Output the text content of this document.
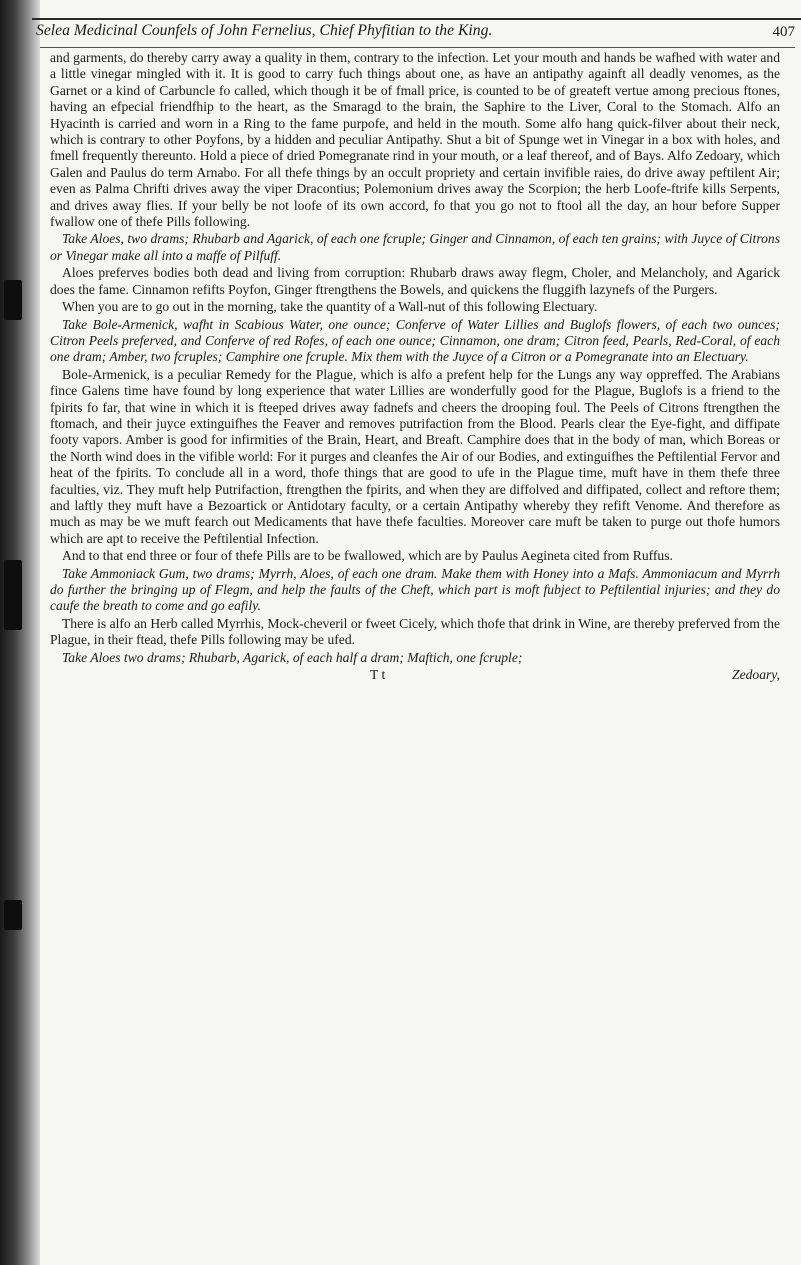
Selea Medicinal Counfels of John Fernelius, Chief Phyfitian to the King.	407

and garments, do thereby carry away a quality in them, contrary to the infection. Let your mouth and hands be wafhed with water and a little vinegar mingled with it. It is good to carry fuch things about one, as have an antipathy againft all deadly venomes, as the Garnet or a kind of Carbuncle fo called, which though it be of fmall price, is counted to be of greateft vertue among precious ftones, having an efpecial friendfhip to the heart, as the Smaragd to the brain, the Saphire to the Liver, Coral to the Stomach. Alfo an Hyacinth is carried and worn in a Ring to the fame purpofe, and held in the mouth. Some alfo hang quick-filver about their neck, which is contrary to other Poyfons, by a hidden and peculiar Antipathy. Shut a bit of Spunge wet in Vinegar in a box with holes, and fmell frequently thereunto. Hold a piece of dried Pomegranate rind in your mouth, or a leaf thereof, and of Bays. Alfo Zedoary, which Galen and Paulus do term Arnabo. For all thefe things by an occult propriety and certain invifible raies, do drive away peftilent Air; even as Palma Chrifti drives away the viper Dracontius; Polemonium drives away the Scorpion; the herb Loofe-ftrife kills Serpents, and drives away flies. If your belly be not loofe of its own accord, fo that you go not to ftool all the day, an hour before Supper fwallow one of thefe Pills following.

Take Aloes, two drams; Rhubarb and Agarick, of each one fcruple; Ginger and Cinnamon, of each ten grains; with Juyce of Citrons or Vinegar make all into a maffe of Pilfuff.

Aloes preferves bodies both dead and living from corruption: Rhubarb draws away flegm, Choler, and Melancholy, and Agarick does the fame. Cinnamon refifts Poyfon, Ginger ftrengthens the Bowels, and quickens the fluggifh lazynefs of the Purgers.

When you are to go out in the morning, take the quantity of a Wall-nut of this following Electuary.

Take Bole-Armenick, wafht in Scabious Water, one ounce; Conferve of Water Lillies and Buglofs flowers, of each two ounces; Citron Peels preferved, and Conferve of red Rofes, of each one ounce; Cinnamon, one dram; Citron feed, Pearls, Red-Coral, of each one dram; Amber, two fcruples; Camphire one fcruple. Mix them with the Juyce of a Citron or a Pomegranate into an Electuary.

Bole-Armenick, is a peculiar Remedy for the Plague, which is alfo a prefent help for the Lungs any way oppreffed. The Arabians fince Galens time have found by long experience that water Lillies are wonderfully good for the Plague, Buglofs is a friend to the fpirits fo far, that wine in which it is fteeped drives away fadnefs and cheers the drooping foul. The Peels of Citrons ftrengthen the ftomach, and their juyce extinguifhes the Feaver and removes putrifaction from the Blood. Pearls clear the Eye-fight, and diffipate footy vapors. Amber is good for infirmities of the Brain, Heart, and Breaft. Camphire does that in the body of man, which Boreas or the North wind does in the vifible world: For it purges and cleanfes the Air of our Bodies, and extinguifhes the Peftilential Fervor and heat of the fpirits. To conclude all in a word, thofe things that are good to ufe in the Plague time, muft have in them thefe three faculties, viz. They muft help Putrifaction, ftrengthen the fpirits, and when they are diffolved and diffipated, collect and reftore them; and laftly they muft have a Bezoartick or Antidotary faculty, or a certain Antipathy whereby they refift Venome. And therefore as much as may be we muft fearch out Medicaments that have thefe faculties. Moreover care muft be taken to purge out thofe humors which are apt to receive the Peftilential Infection.

And to that end three or four of thefe Pills are to be fwallowed, which are by Paulus Aegineta cited from Ruffus.

Take Ammoniack Gum, two drams; Myrrh, Aloes, of each one dram. Make them with Honey into a Mafs. Ammoniacum and Myrrh do further the bringing up of Flegm, and help the faults of the Cheft, which part is moft fubject to Peftilential injuries; and they do caufe the breath to come and go eafily.

There is alfo an Herb called Myrrhis, Mock-cheveril or fweet Cicely, which thofe that drink in Wine, are thereby preferved from the Plague, in their ftead, thefe Pills following may be ufed.

Take Aloes two drams; Rhubarb, Agarick, of each half a dram; Maftich, one fcruple;

T t	Zedoary,
